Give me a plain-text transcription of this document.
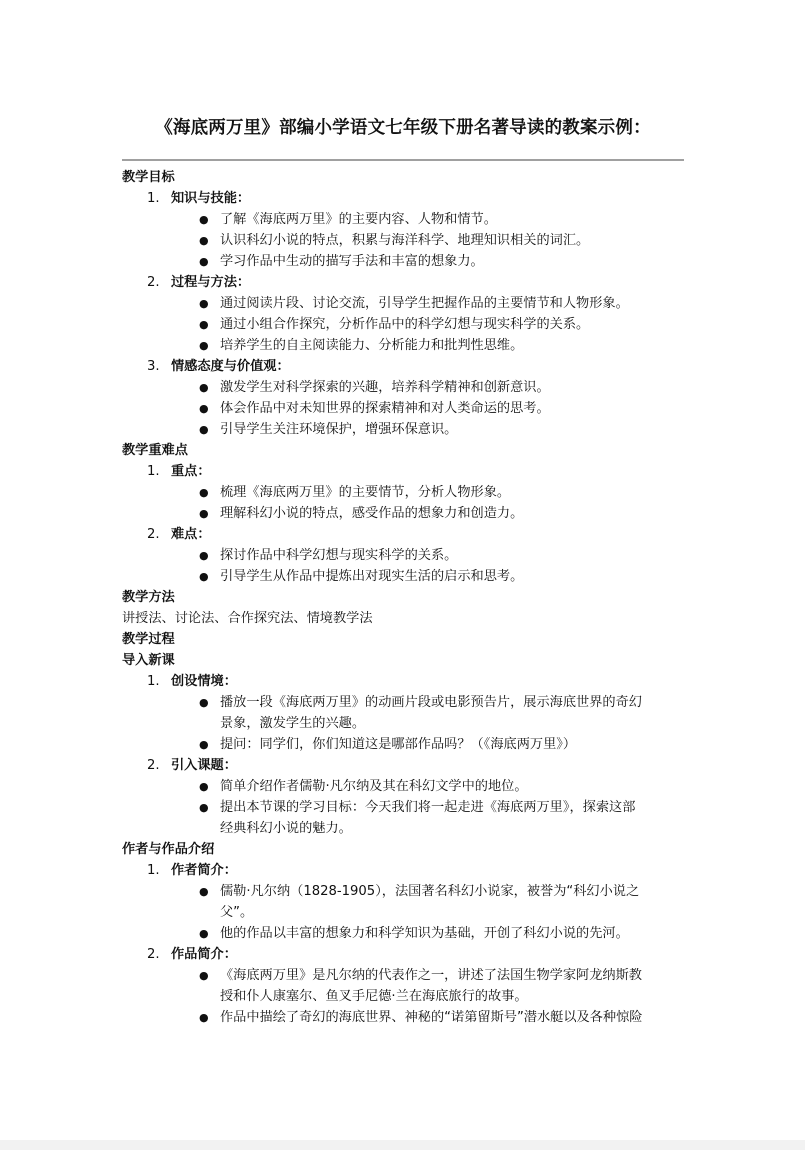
《海底两万里》部编小学语文七年级下册名著导读的教案示例：
教学目标
1. 知识与技能：
● 了解《海底两万里》的主要内容、人物和情节。
● 认识科幻小说的特点，积累与海洋科学、地理知识相关的词汇。
● 学习作品中生动的描写手法和丰富的想象力。
2. 过程与方法：
● 通过阅读片段、讨论交流，引导学生把握作品的主要情节和人物形象。
● 通过小组合作探究，分析作品中的科学幻想与现实科学的关系。
● 培养学生的自主阅读能力、分析能力和批判性思维。
3. 情感态度与价值观：
● 激发学生对科学探索的兴趣，培养科学精神和创新意识。
● 体会作品中对未知世界的探索精神和对人类命运的思考。
● 引导学生关注环境保护，增强环保意识。
教学重难点
1. 重点：
● 梳理《海底两万里》的主要情节，分析人物形象。
● 理解科幻小说的特点，感受作品的想象力和创造力。
2. 难点：
● 探讨作品中科学幻想与现实科学的关系。
● 引导学生从作品中提炼出对现实生活的启示和思考。
教学方法
讲授法、讨论法、合作探究法、情境教学法
教学过程
导入新课
1. 创设情境：
● 播放一段《海底两万里》的动画片段或电影预告片，展示海底世界的奇幻
景象，激发学生的兴趣。
● 提问：同学们，你们知道这是哪部作品吗？（《海底两万里》）
2. 引入课题：
● 简单介绍作者儒勒·凡尔纳及其在科幻文学中的地位。
● 提出本节课的学习目标：今天我们将一起走进《海底两万里》，探索这部
经典科幻小说的魅力。
作者与作品介绍
1. 作者简介：
● 儒勒·凡尔纳（1828-1905），法国著名科幻小说家，被誉为“科幻小说之
父”。
● 他的作品以丰富的想象力和科学知识为基础，开创了科幻小说的先河。
2. 作品简介：
● 《海底两万里》是凡尔纳的代表作之一，讲述了法国生物学家阿龙纳斯教
授和仆人康塞尔、鱼叉手尼德·兰在海底旅行的故事。
● 作品中描绘了奇幻的海底世界、神秘的“诺第留斯号”潜水艇以及各种惊险
